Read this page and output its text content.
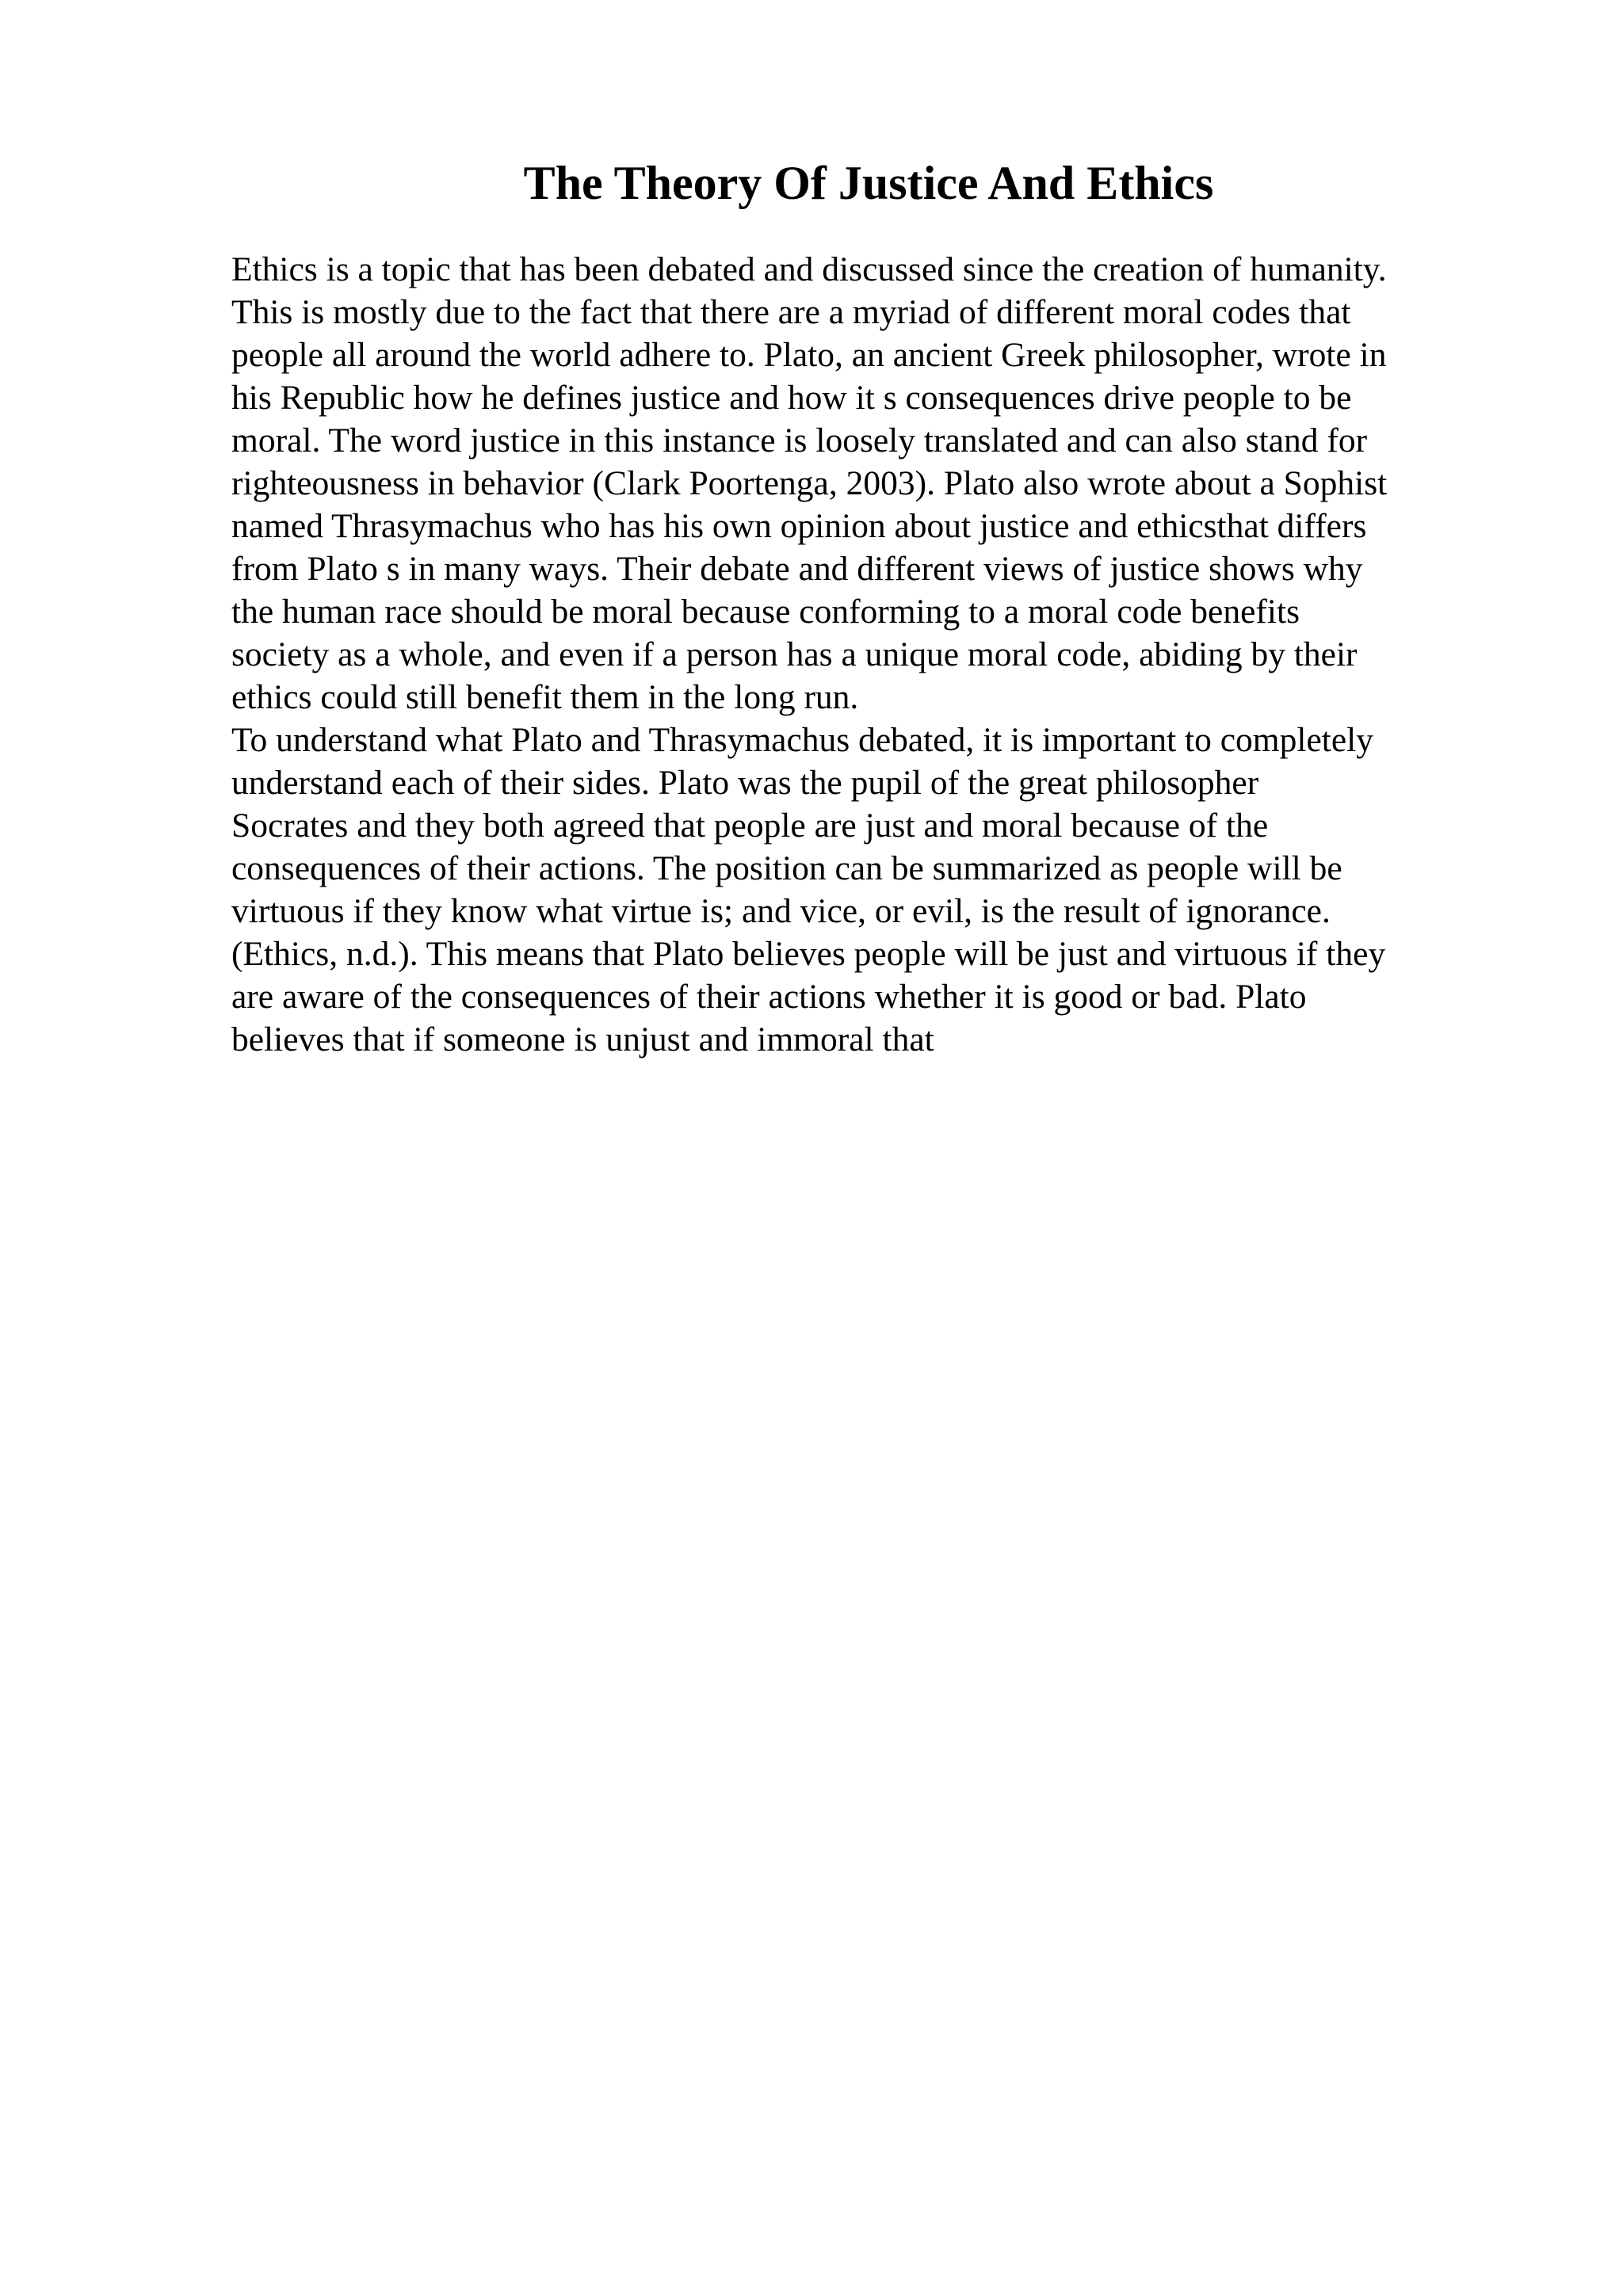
The Theory Of Justice And Ethics
Ethics is a topic that has been debated and discussed since the creation of humanity.
This is mostly due to the fact that there are a myriad of different moral codes that
people all around the world adhere to. Plato, an ancient Greek philosopher, wrote in
his Republic how he defines justice and how it s consequences drive people to be
moral. The word justice in this instance is loosely translated and can also stand for
righteousness in behavior (Clark Poortenga, 2003). Plato also wrote about a Sophist
named Thrasymachus who has his own opinion about justice and ethicsthat differs
from Plato s in many ways. Their debate and different views of justice shows why
the human race should be moral because conforming to a moral code benefits
society as a whole, and even if a person has a unique moral code, abiding by their
ethics could still benefit them in the long run.
To understand what Plato and Thrasymachus debated, it is important to completely
understand each of their sides. Plato was the pupil of the great philosopher
Socrates and they both agreed that people are just and moral because of the
consequences of their actions. The position can be summarized as people will be
virtuous if they know what virtue is; and vice, or evil, is the result of ignorance.
(Ethics, n.d.). This means that Plato believes people will be just and virtuous if they
are aware of the consequences of their actions whether it is good or bad. Plato
believes that if someone is unjust and immoral that
